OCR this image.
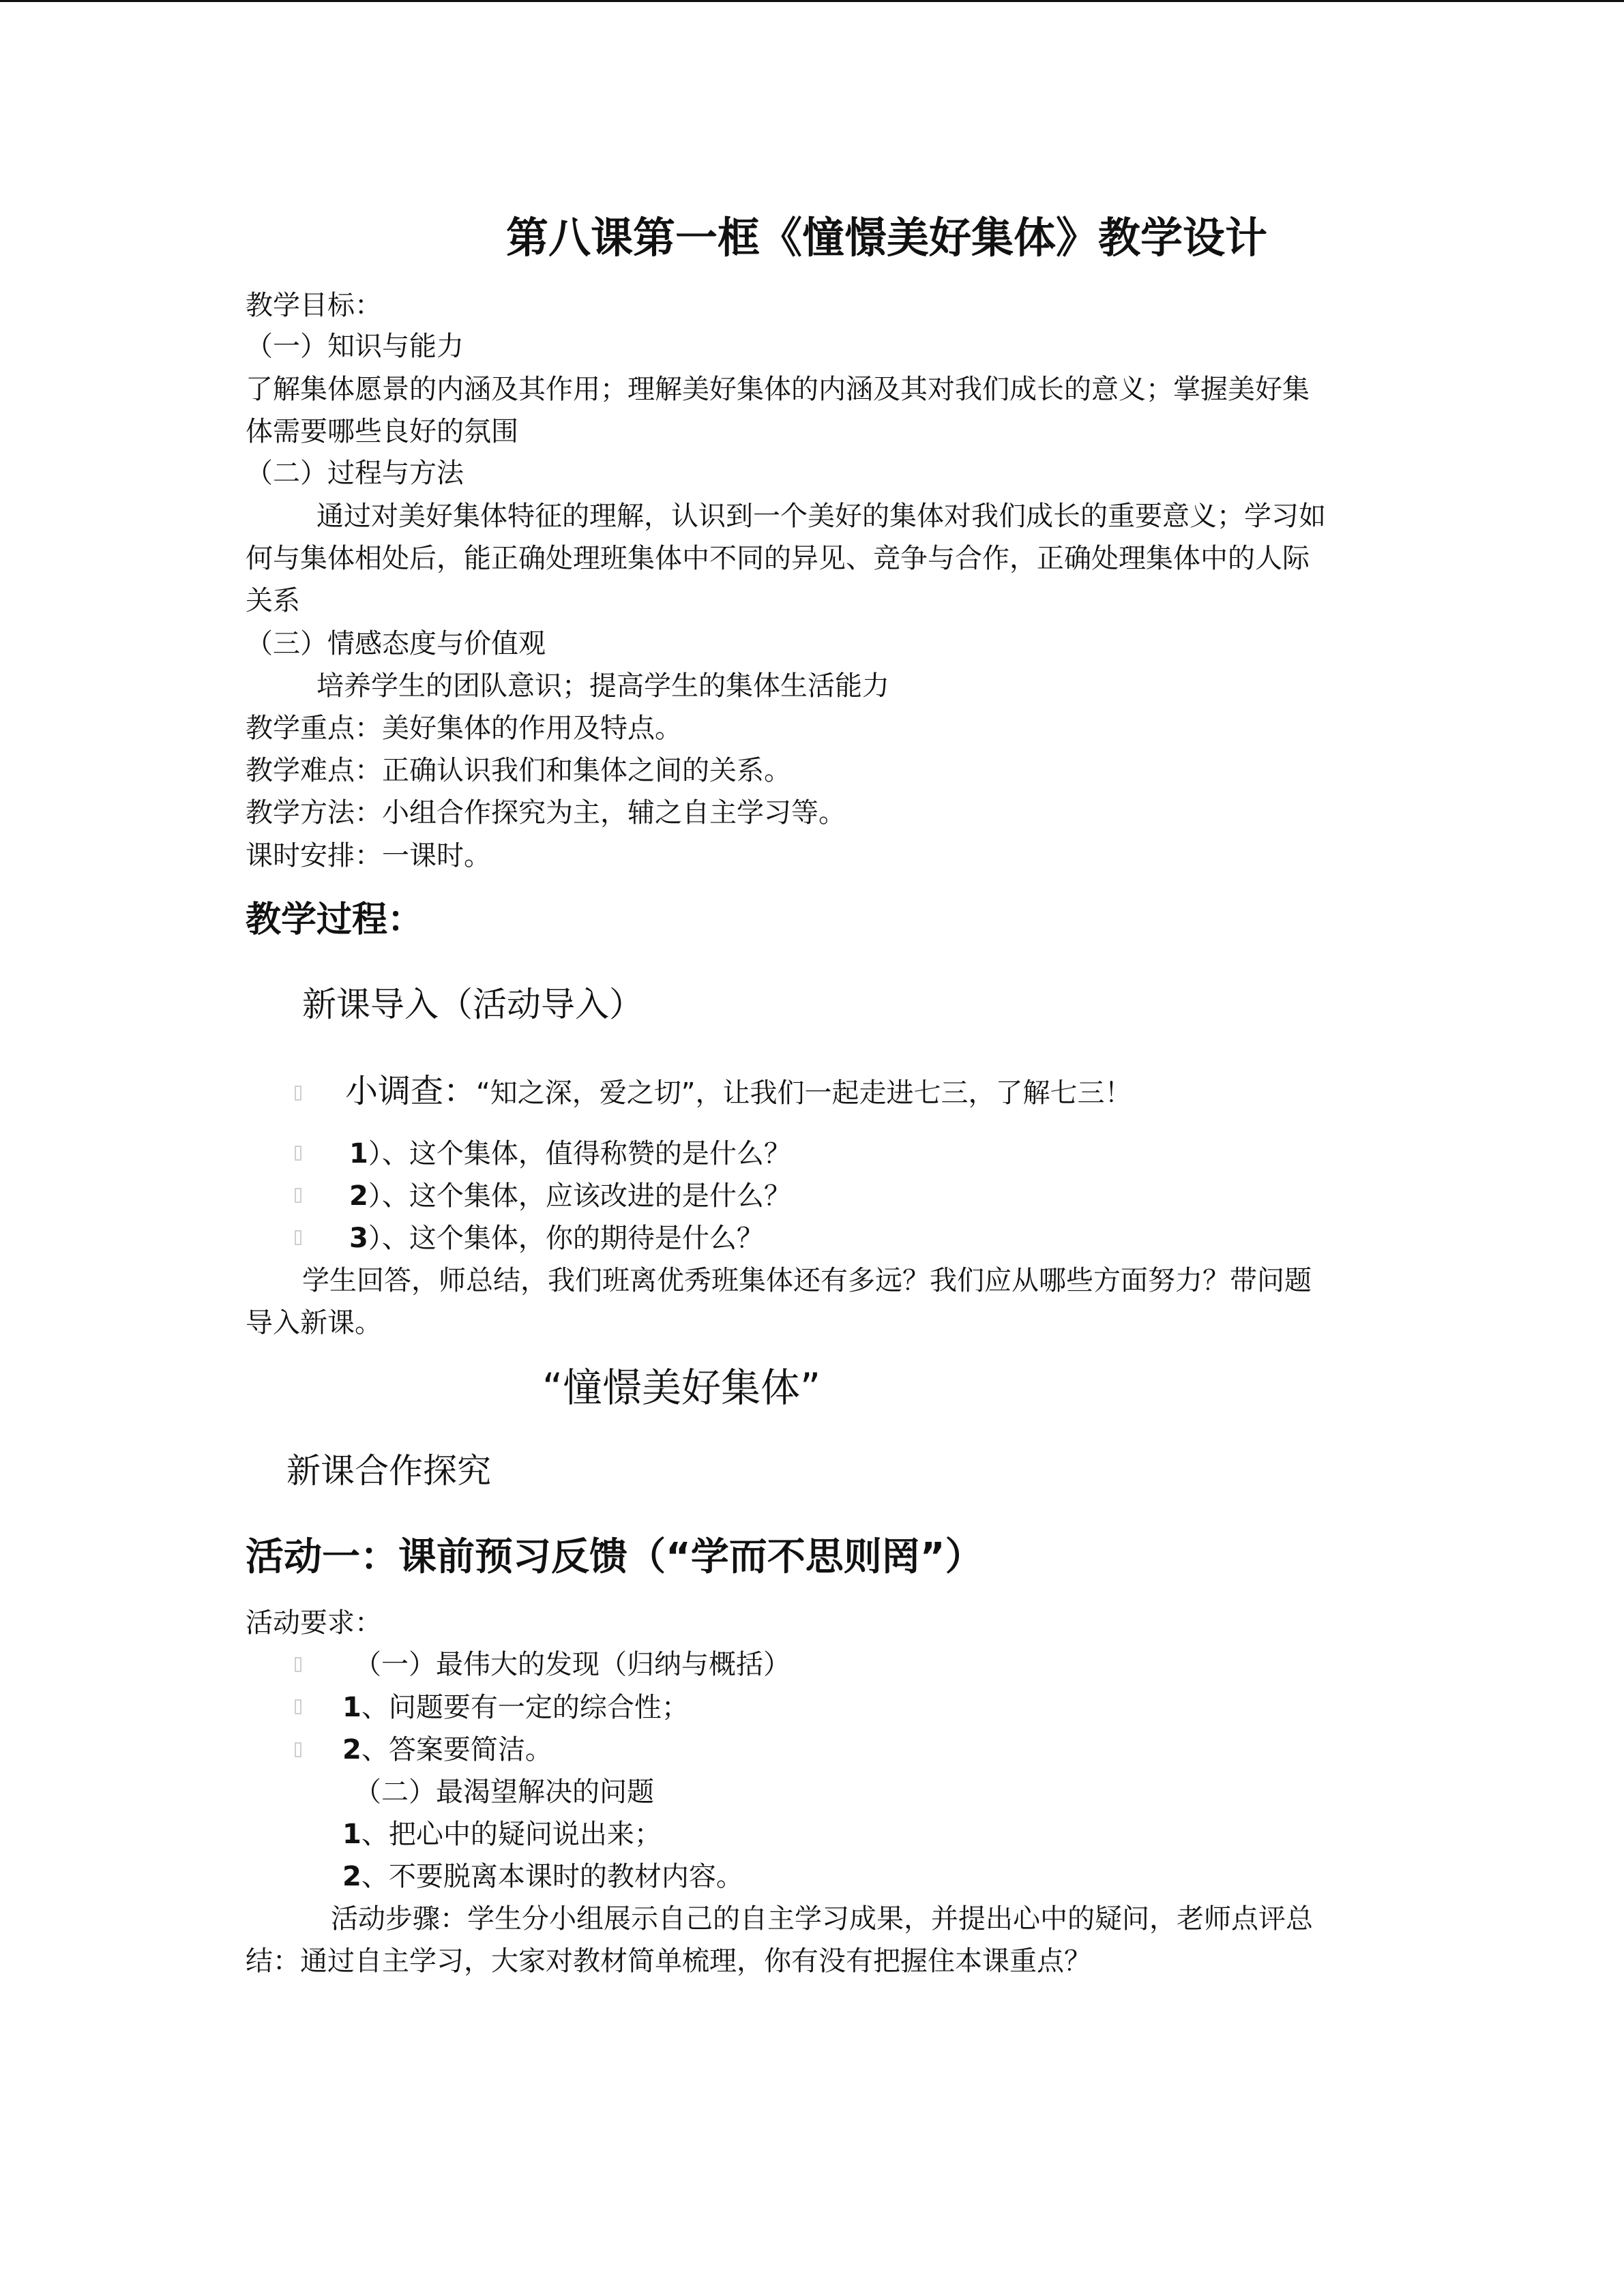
第八课第一框《憧憬美好集体》教学设计
教学目标：
（一）知识与能力
了解集体愿景的内涵及其作用；理解美好集体的内涵及其对我们成长的意义；掌握美好集
体需要哪些良好的氛围
（二）过程与方法
通过对美好集体特征的理解，认识到一个美好的集体对我们成长的重要意义；学习如
何与集体相处后，能正确处理班集体中不同的异见、竞争与合作，正确处理集体中的人际
关系
（三）情感态度与价值观
培养学生的团队意识；提高学生的集体生活能力
教学重点：美好集体的作用及特点。
教学难点：正确认识我们和集体之间的关系。
教学方法：小组合作探究为主，辅之自主学习等。
课时安排：一课时。
教学过程：
新课导入（活动导入）
小调查：“知之深，爱之切”，让我们一起走进七三，了解七三！
1）、这个集体，值得称赞的是什么？
2）、这个集体，应该改进的是什么？
3）、这个集体，你的期待是什么？
学生回答，师总结，我们班离优秀班集体还有多远？我们应从哪些方面努力？带问题
导入新课。
“憧憬美好集体”
新课合作探究
活动一：课前预习反馈（“学而不思则罔”）
活动要求：
（一）最伟大的发现（归纳与概括）
1、问题要有一定的综合性；
2、答案要简洁。
（二）最渴望解决的问题
1、把心中的疑问说出来；
2、不要脱离本课时的教材内容。
活动步骤：学生分小组展示自己的自主学习成果，并提出心中的疑问，老师点评总
结：通过自主学习，大家对教材简单梳理，你有没有把握住本课重点？
